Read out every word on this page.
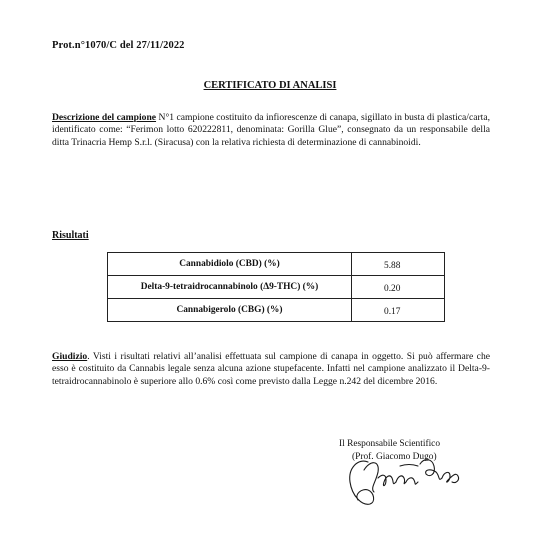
Prot.n°1070/C del 27/11/2022
CERTIFICATO DI ANALISI
Descrizione del campione N°1 campione costituito da infiorescenze di canapa, sigillato in busta di plastica/carta, identificato come: “Ferimon lotto 620222811, denominata: Gorilla Glue”, consegnato da un responsabile della ditta Trinacria Hemp S.r.l. (Siracusa) con la relativa richiesta di determinazione di cannabinoidi.
Risultati
Cannabidiolo (CBD) (%)	5.88
Delta-9-tetraidrocannabinolo (Δ9-THC) (%)	0.20
Cannabigerolo (CBG) (%)	0.17
Giudizio. Visti i risultati relativi all’analisi effettuata sul campione di canapa in oggetto. Si può affermare che esso è costituito da Cannabis legale senza alcuna azione stupefacente. Infatti nel campione analizzato il Delta-9-tetraidrocannabinolo è superiore allo 0.6% così come previsto dalla Legge n.242 del dicembre 2016.
Il Responsabile Scientifico
(Prof. Giacomo Dugo)
